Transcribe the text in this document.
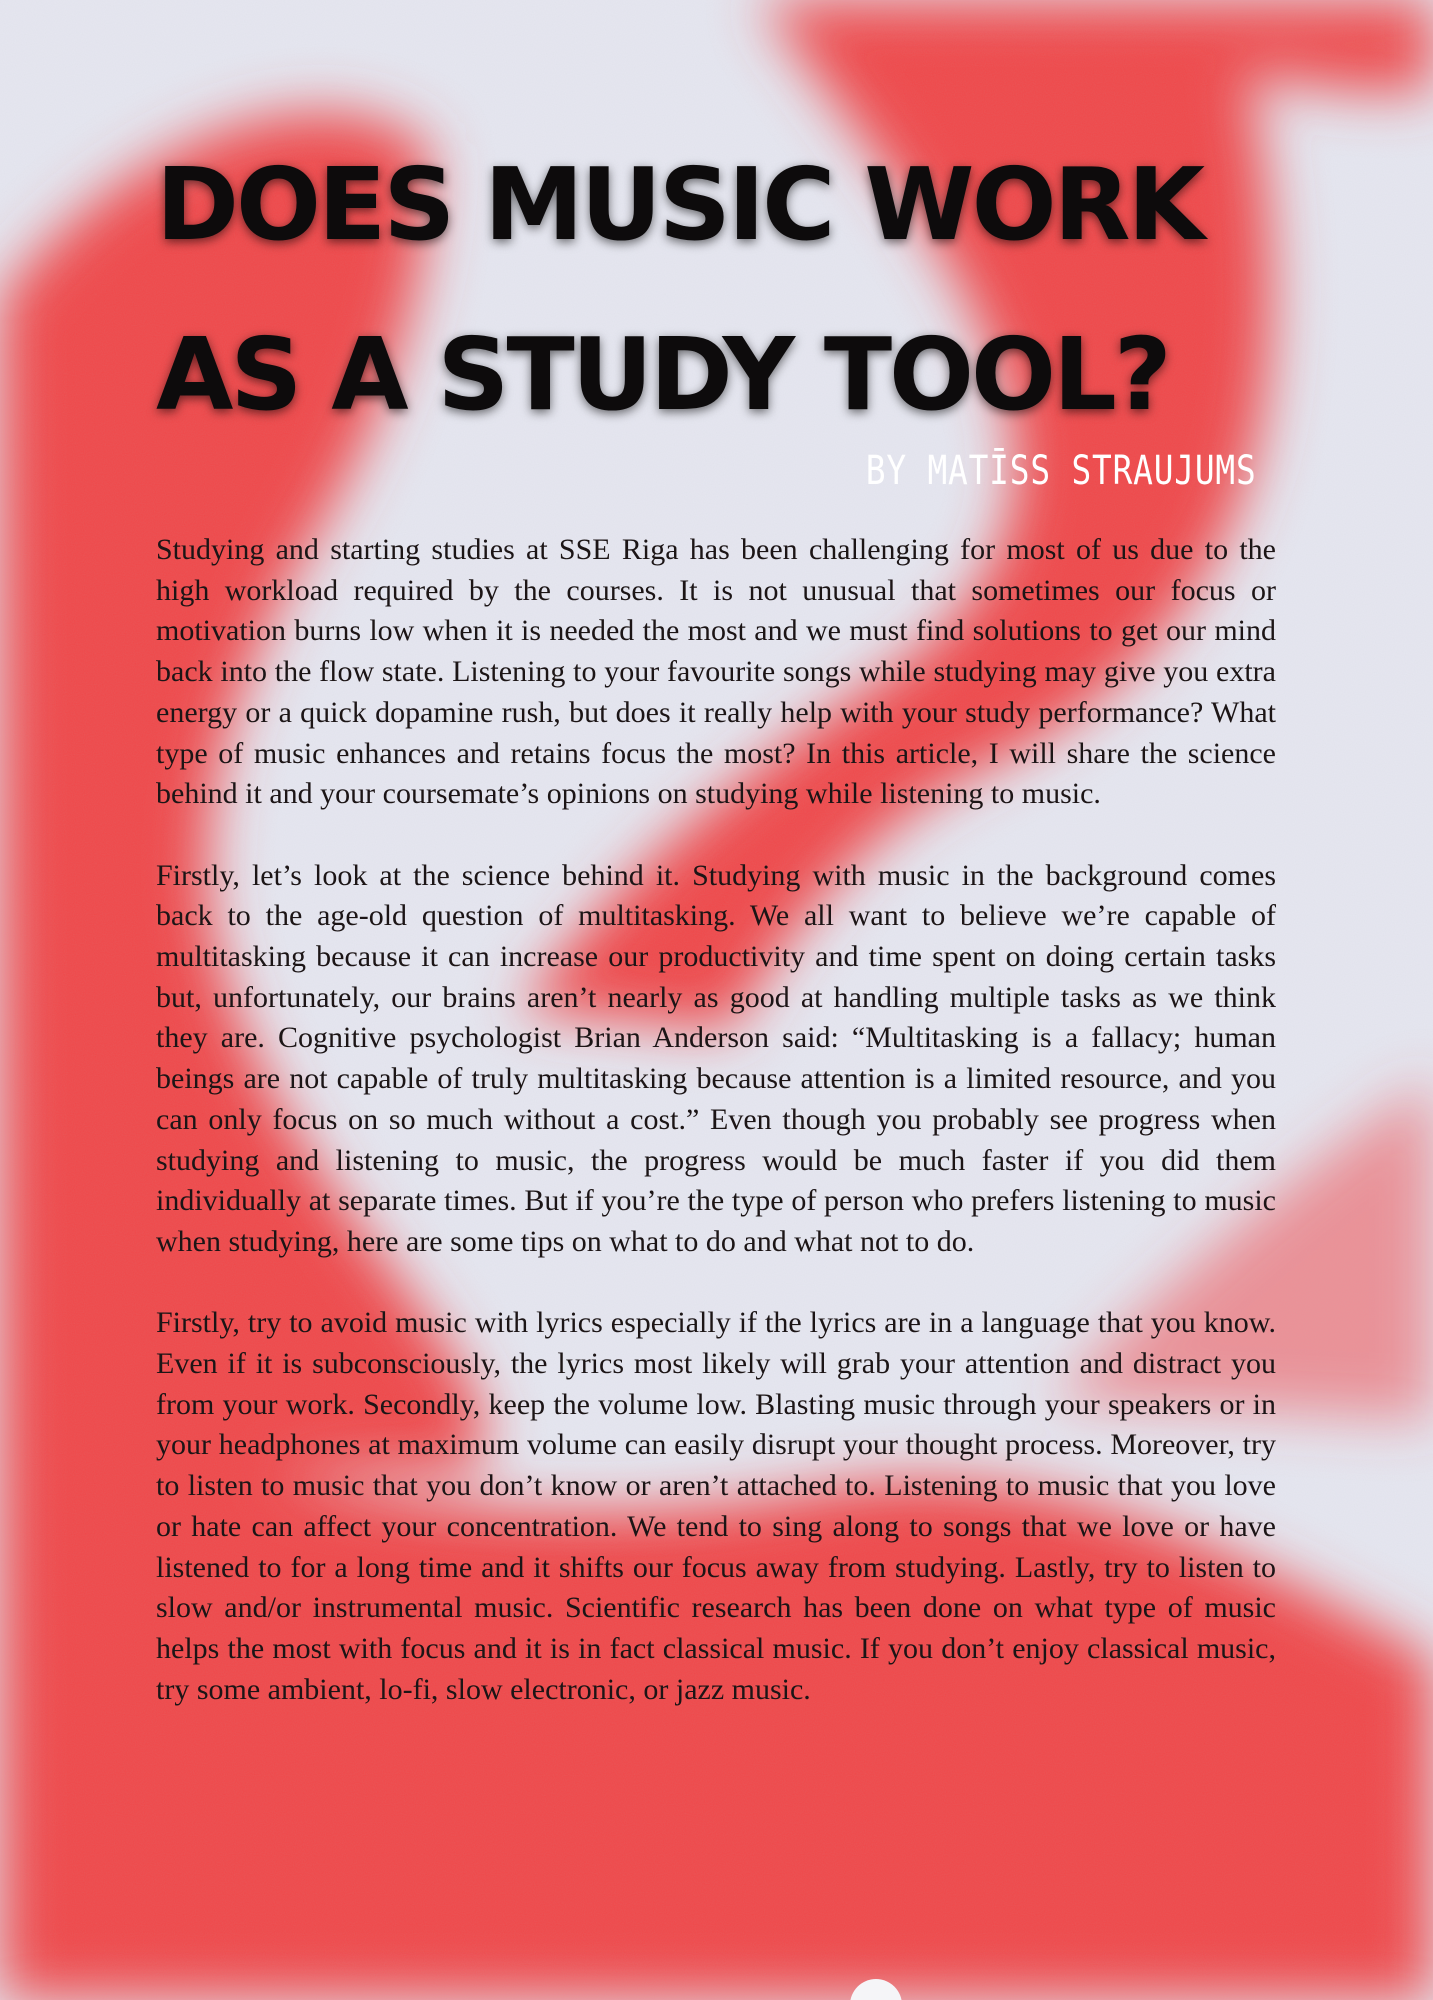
DOES MUSIC WORK
AS A STUDY TOOL?
BY MATĪSS STRAUJUMS

Studying and starting studies at SSE Riga has been challenging for most of us due to the high workload required by the courses. It is not unusual that sometimes our focus or motivation burns low when it is needed the most and we must find solutions to get our mind back into the flow state. Listening to your favourite songs while studying may give you extra energy or a quick dopamine rush, but does it really help with your study performance? What type of music enhances and retains focus the most? In this article, I will share the science behind it and your coursemate’s opinions on studying while listening to music.

Firstly, let’s look at the science behind it. Studying with music in the background comes back to the age-old question of multitasking. We all want to believe we’re capable of multitasking because it can increase our productivity and time spent on doing certain tasks but, unfortunately, our brains aren’t nearly as good at handling multiple tasks as we think they are. Cognitive psychologist Brian Anderson said: “Multitasking is a fallacy; human beings are not capable of truly multitasking because attention is a limited resource, and you can only focus on so much without a cost.” Even though you probably see progress when studying and listening to music, the progress would be much faster if you did them individually at separate times. But if you’re the type of person who prefers listening to music when studying, here are some tips on what to do and what not to do.

Firstly, try to avoid music with lyrics especially if the lyrics are in a language that you know. Even if it is subconsciously, the lyrics most likely will grab your attention and distract you from your work. Secondly, keep the volume low. Blasting music through your speakers or in your headphones at maximum volume can easily disrupt your thought process. Moreover, try to listen to music that you don’t know or aren’t attached to. Listening to music that you love or hate can affect your concentration. We tend to sing along to songs that we love or have listened to for a long time and it shifts our focus away from studying. Lastly, try to listen to slow and/or instrumental music. Scientific research has been done on what type of music helps the most with focus and it is in fact classical music. If you don’t enjoy classical music, try some ambient, lo-fi, slow electronic, or jazz music.
